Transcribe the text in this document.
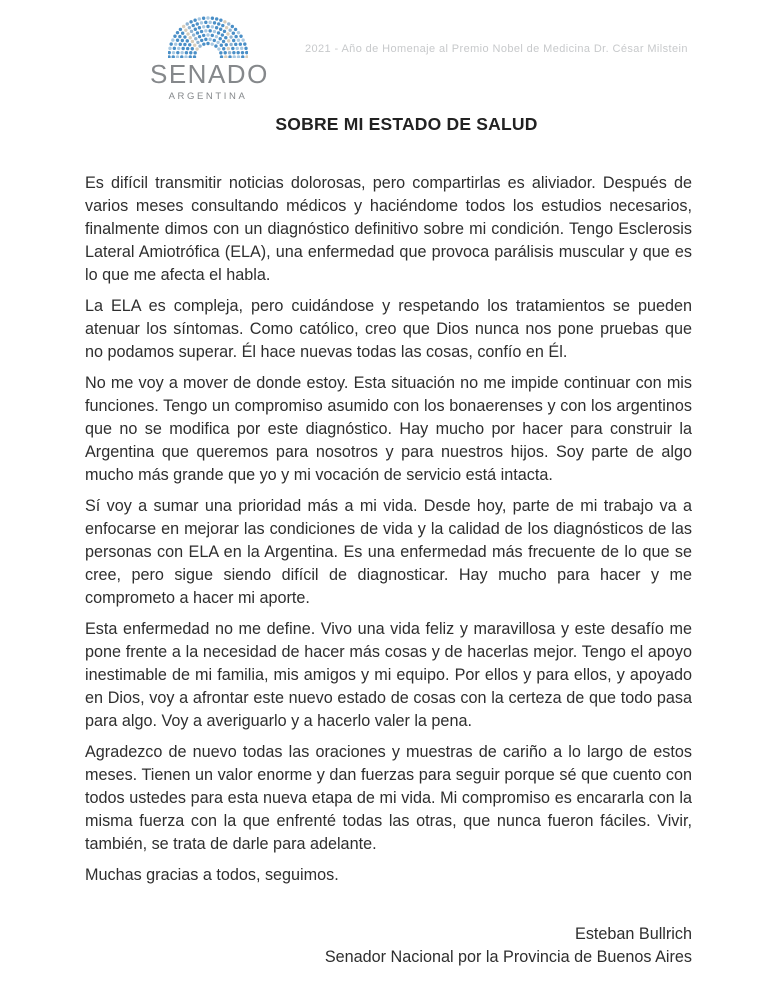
SENADO
ARGENTINA
2021 - Año de Homenaje al Premio Nobel de Medicina Dr. César Milstein
SOBRE MI ESTADO DE SALUD

Es difícil transmitir noticias dolorosas, pero compartirlas es aliviador. Después de varios meses consultando médicos y haciéndome todos los estudios necesarios, finalmente dimos con un diagnóstico definitivo sobre mi condición. Tengo Esclerosis Lateral Amiotrófica (ELA), una enfermedad que provoca parálisis muscular y que es lo que me afecta el habla.

La ELA es compleja, pero cuidándose y respetando los tratamientos se pueden atenuar los síntomas. Como católico, creo que Dios nunca nos pone pruebas que no podamos superar. Él hace nuevas todas las cosas, confío en Él.

No me voy a mover de donde estoy. Esta situación no me impide continuar con mis funciones. Tengo un compromiso asumido con los bonaerenses y con los argentinos que no se modifica por este diagnóstico. Hay mucho por hacer para construir la Argentina que queremos para nosotros y para nuestros hijos. Soy parte de algo mucho más grande que yo y mi vocación de servicio está intacta.

Sí voy a sumar una prioridad más a mi vida. Desde hoy, parte de mi trabajo va a enfocarse en mejorar las condiciones de vida y la calidad de los diagnósticos de las personas con ELA en la Argentina. Es una enfermedad más frecuente de lo que se cree, pero sigue siendo difícil de diagnosticar. Hay mucho para hacer y me comprometo a hacer mi aporte.

Esta enfermedad no me define. Vivo una vida feliz y maravillosa y este desafío me pone frente a la necesidad de hacer más cosas y de hacerlas mejor. Tengo el apoyo inestimable de mi familia, mis amigos y mi equipo. Por ellos y para ellos, y apoyado en Dios, voy a afrontar este nuevo estado de cosas con la certeza de que todo pasa para algo. Voy a averiguarlo y a hacerlo valer la pena.

Agradezco de nuevo todas las oraciones y muestras de cariño a lo largo de estos meses. Tienen un valor enorme y dan fuerzas para seguir porque sé que cuento con todos ustedes para esta nueva etapa de mi vida. Mi compromiso es encararla con la misma fuerza con la que enfrenté todas las otras, que nunca fueron fáciles. Vivir, también, se trata de darle para adelante.

Muchas gracias a todos, seguimos.

Esteban Bullrich
Senador Nacional por la Provincia de Buenos Aires
